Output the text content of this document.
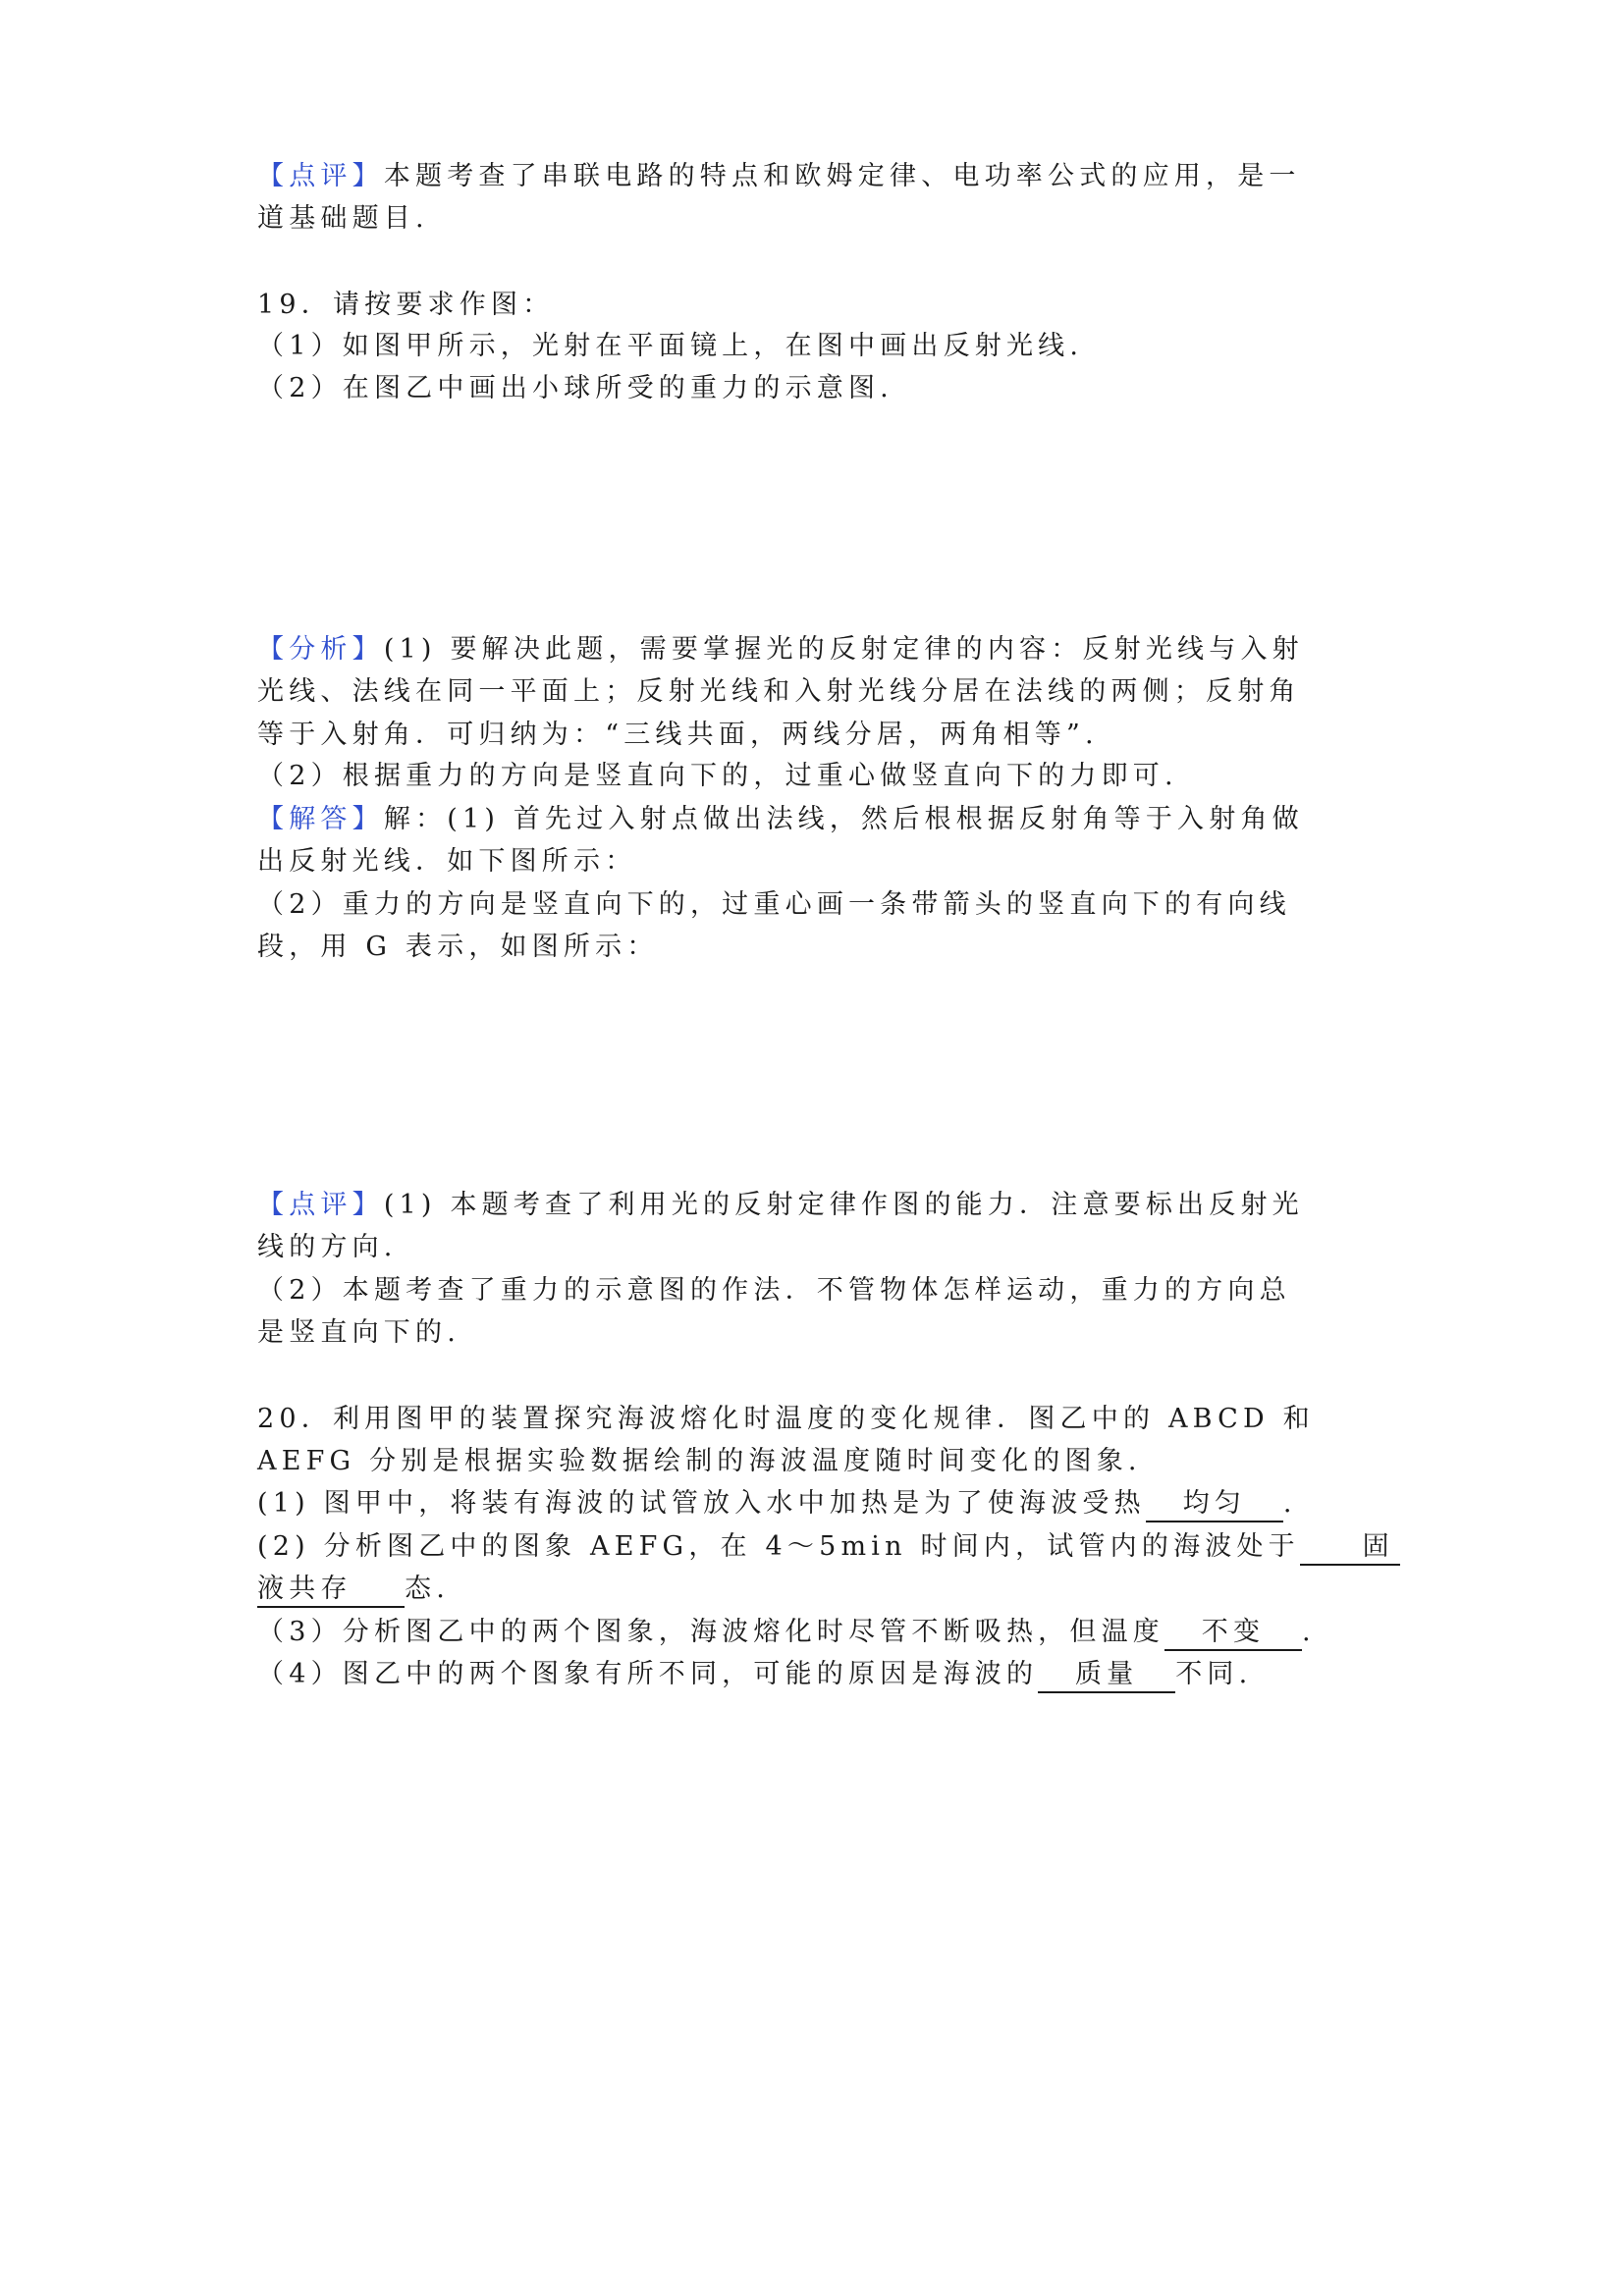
【点评】本题考查了串联电路的特点和欧姆定律、电功率公式的应用，是一
道基础题目.
19．请按要求作图：
（1）如图甲所示，光射在平面镜上，在图中画出反射光线.
（2）在图乙中画出小球所受的重力的示意图.
【分析】(1) 要解决此题，需要掌握光的反射定律的内容：反射光线与入射
光线、法线在同一平面上；反射光线和入射光线分居在法线的两侧；反射角
等于入射角．可归纳为：“三线共面，两线分居，两角相等”.
（2）根据重力的方向是竖直向下的，过重心做竖直向下的力即可.
【解答】解：(1) 首先过入射点做出法线，然后根根据反射角等于入射角做
出反射光线．如下图所示：
（2）重力的方向是竖直向下的，过重心画一条带箭头的竖直向下的有向线
段，用 G 表示，如图所示：
【点评】(1) 本题考查了利用光的反射定律作图的能力．注意要标出反射光
线的方向.
（2）本题考查了重力的示意图的作法．不管物体怎样运动，重力的方向总
是竖直向下的.
20．利用图甲的装置探究海波熔化时温度的变化规律．图乙中的 ABCD 和
AEFG 分别是根据实验数据绘制的海波温度随时间变化的图象.
(1) 图甲中，将装有海波的试管放入水中加热是为了使海波受热 均匀 .
(2) 分析图乙中的图象 AEFG，在 4～5min 时间内，试管内的海波处于 固
液共存 态.
（3）分析图乙中的两个图象，海波熔化时尽管不断吸热，但温度 不变 .
（4）图乙中的两个图象有所不同，可能的原因是海波的 质量 不同.
